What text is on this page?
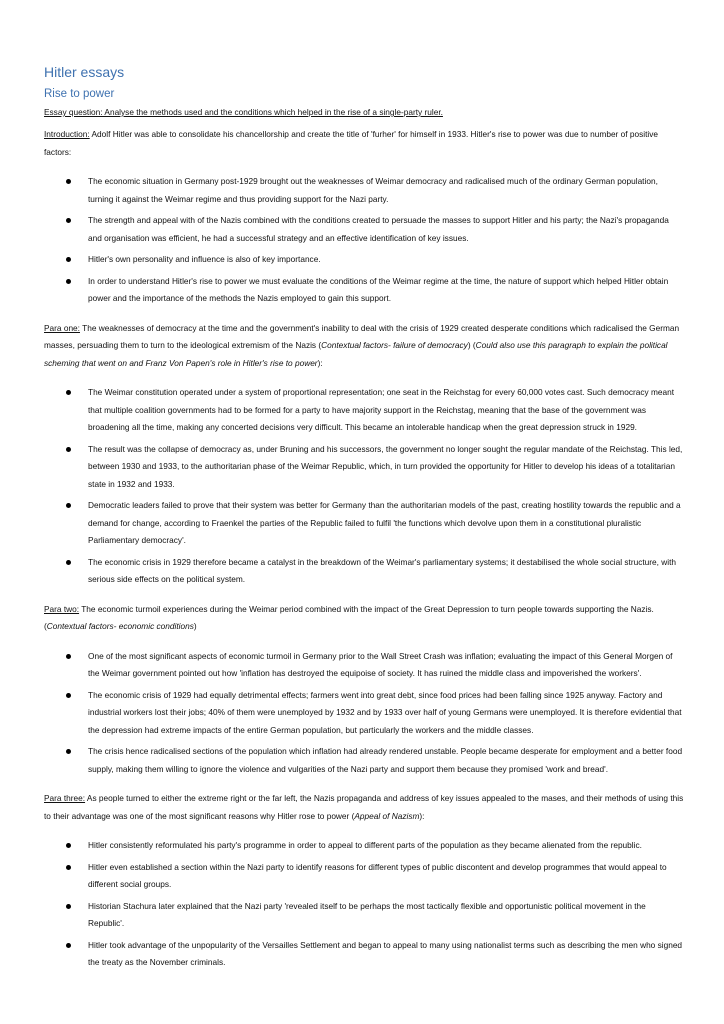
Hitler essays
Rise to power

Essay question: Analyse the methods used and the conditions which helped in the rise of a single-party ruler.

Introduction: Adolf Hitler was able to consolidate his chancellorship and create the title of 'furher' for himself in 1933. Hitler's rise to power was due to number of positive factors:

The economic situation in Germany post-1929 brought out the weaknesses of Weimar democracy and radicalised much of the ordinary German population, turning it against the Weimar regime and thus providing support for the Nazi party.
The strength and appeal with of the Nazis combined with the conditions created to persuade the masses to support Hitler and his party; the Nazi's propaganda and organisation was efficient, he had a successful strategy and an effective identification of key issues.
Hitler's own personality and influence is also of key importance.
In order to understand Hitler's rise to power we must evaluate the conditions of the Weimar regime at the time, the nature of support which helped Hitler obtain power and the importance of the methods the Nazis employed to gain this support.

Para one: The weaknesses of democracy at the time and the government's inability to deal with the crisis of 1929 created desperate conditions which radicalised the German masses, persuading them to turn to the ideological extremism of the Nazis (Contextual factors- failure of democracy) (Could also use this paragraph to explain the political scheming that went on and Franz Von Papen's role in Hitler's rise to power):

The Weimar constitution operated under a system of proportional representation; one seat in the Reichstag for every 60,000 votes cast. Such democracy meant that multiple coalition governments had to be formed for a party to have majority support in the Reichstag, meaning that the base of the government was broadening all the time, making any concerted decisions very difficult. This became an intolerable handicap when the great depression struck in 1929.
The result was the collapse of democracy as, under Bruning and his successors, the government no longer sought the regular mandate of the Reichstag. This led, between 1930 and 1933, to the authoritarian phase of the Weimar Republic, which, in turn provided the opportunity for Hitler to develop his ideas of a totalitarian state in 1932 and 1933.
Democratic leaders failed to prove that their system was better for Germany than the authoritarian models of the past, creating hostility towards the republic and a demand for change, according to Fraenkel the parties of the Republic failed to fulfil 'the functions which devolve upon them in a constitutional pluralistic Parliamentary democracy'.
The economic crisis in 1929 therefore became a catalyst in the breakdown of the Weimar's parliamentary systems; it destabilised the whole social structure, with serious side effects on the political system.

Para two: The economic turmoil experiences during the Weimar period combined with the impact of the Great Depression to turn people towards supporting the Nazis. (Contextual factors- economic conditions)

One of the most significant aspects of economic turmoil in Germany prior to the Wall Street Crash was inflation; evaluating the impact of this General Morgen of the Weimar government pointed out how 'inflation has destroyed the equipoise of society. It has ruined the middle class and impoverished the workers'.
The economic crisis of 1929 had equally detrimental effects; farmers went into great debt, since food prices had been falling since 1925 anyway. Factory and industrial workers lost their jobs; 40% of them were unemployed by 1932 and by 1933 over half of young Germans were unemployed. It is therefore evidential that the depression had extreme impacts of the entire German population, but particularly the workers and the middle classes.
The crisis hence radicalised sections of the population which inflation had already rendered unstable. People became desperate for employment and a better food supply, making them willing to ignore the violence and vulgarities of the Nazi party and support them because they promised 'work and bread'.

Para three: As people turned to either the extreme right or the far left, the Nazis propaganda and address of key issues appealed to the mases, and their methods of using this to their advantage was one of the most significant reasons why Hitler rose to power (Appeal of Nazism):

Hitler consistently reformulated his party's programme in order to appeal to different parts of the population as they became alienated from the republic.
Hitler even established a section within the Nazi party to identify reasons for different types of public discontent and develop programmes that would appeal to different social groups.
Historian Stachura later explained that the Nazi party 'revealed itself to be perhaps the most tactically flexible and opportunistic political movement in the Republic'.
Hitler took advantage of the unpopularity of the Versailles Settlement and began to appeal to many using nationalist terms such as describing the men who signed the treaty as the November criminals.
